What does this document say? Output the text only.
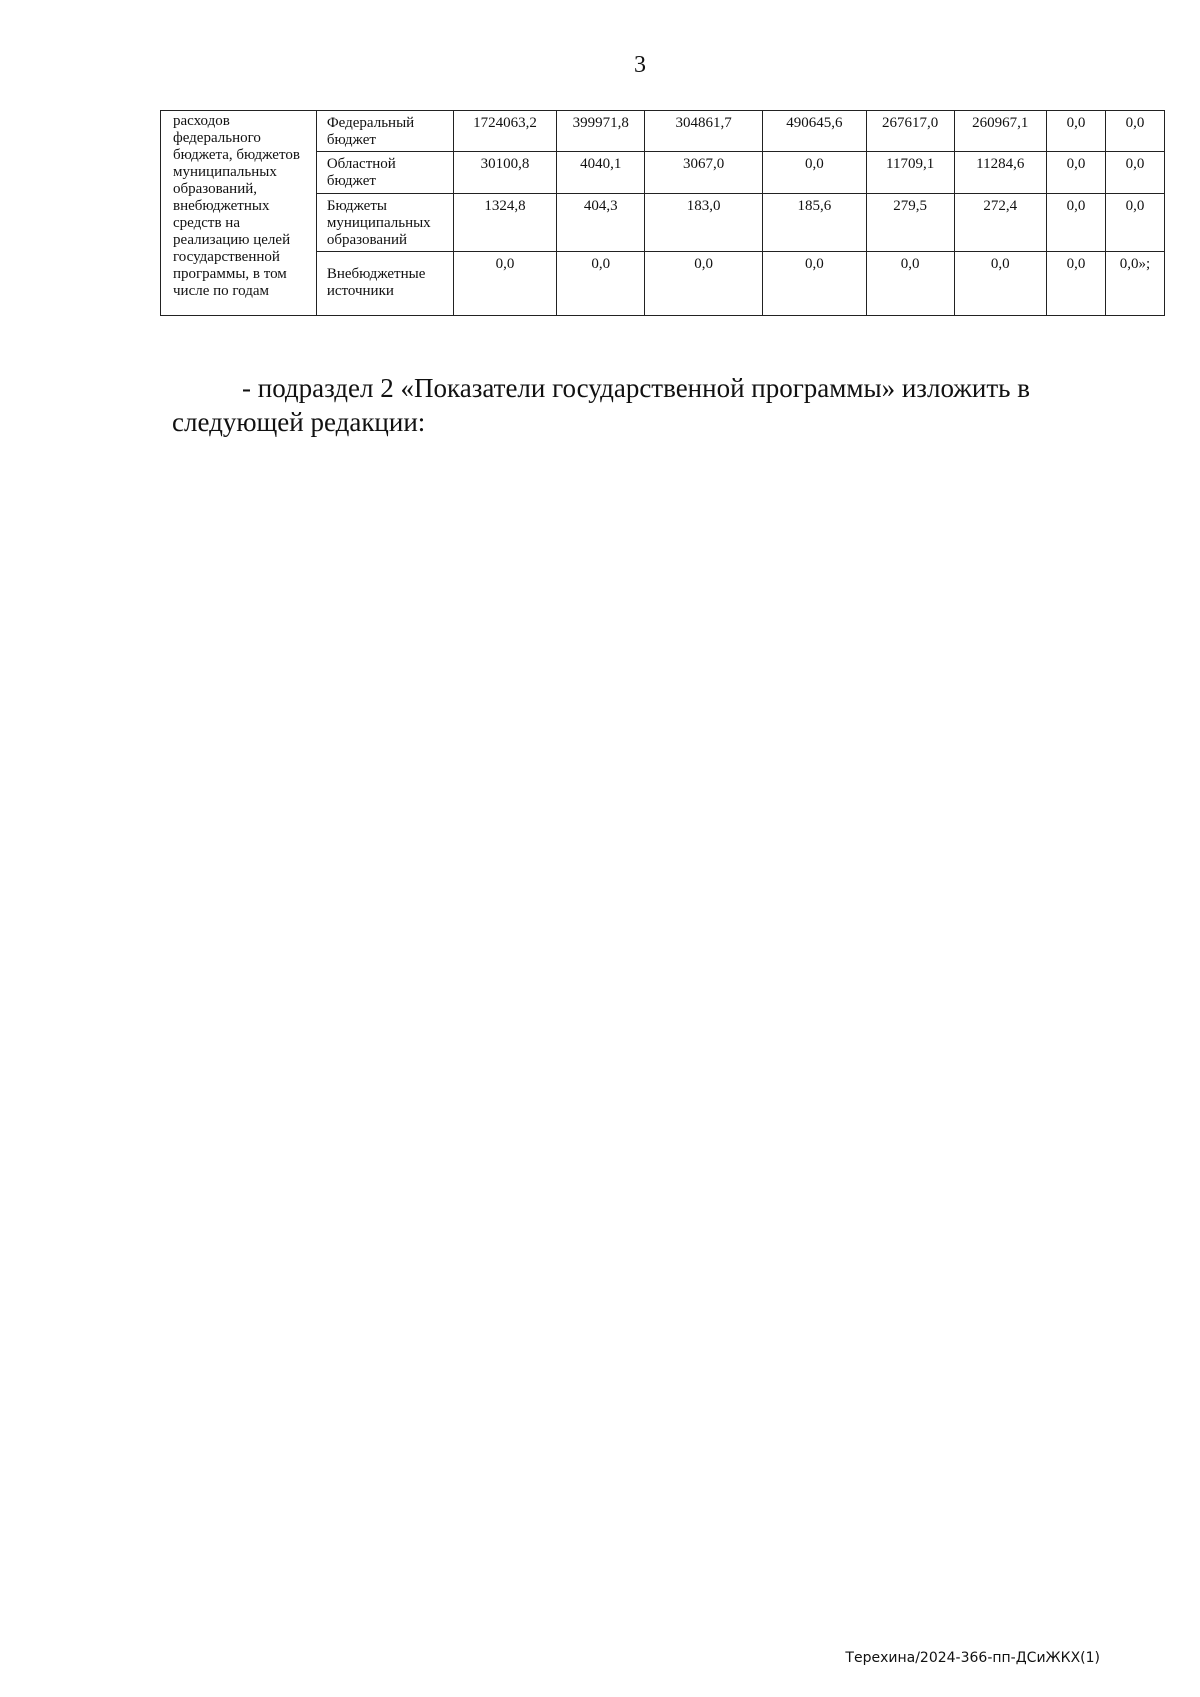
3
расходов федерального бюджета, бюджетов муниципальных образований, внебюджетных средств на реализацию целей государственной программы, в том числе по годам	Федеральный бюджет	1724063,2	399971,8	304861,7	490645,6	267617,0	260967,1	0,0	0,0
	Областной бюджет	30100,8	4040,1	3067,0	0,0	11709,1	11284,6	0,0	0,0
	Бюджеты муниципальных образований	1324,8	404,3	183,0	185,6	279,5	272,4	0,0	0,0
	Внебюджетные источники	0,0	0,0	0,0	0,0	0,0	0,0	0,0	0,0»;

- подраздел 2 «Показатели государственной программы» изложить в следующей редакции:

Терехина/2024-366-пп-ДСиЖКХ(1)
